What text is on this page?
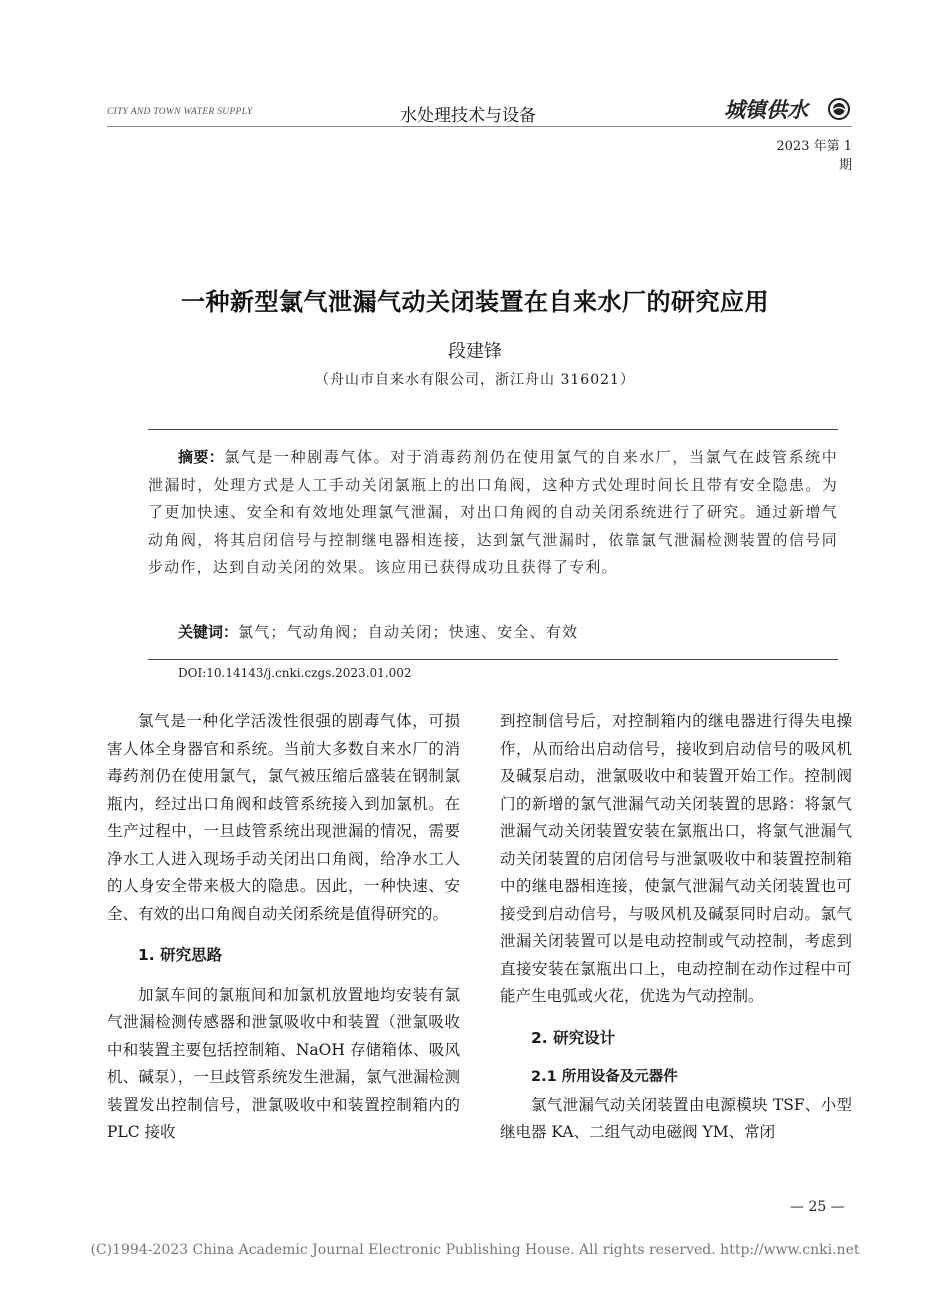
CITY AND TOWN WATER SUPPLY	水处理技术与设备	城镇供水
2023 年第 1 期
一种新型氯气泄漏气动关闭装置在自来水厂的研究应用
段建锋
（舟山市自来水有限公司，浙江舟山 316021）
摘要：氯气是一种剧毒气体。对于消毒药剂仍在使用氯气的自来水厂，当氯气在歧管系统中泄漏时，处理方式是人工手动关闭氯瓶上的出口角阀，这种方式处理时间长且带有安全隐患。为了更加快速、安全和有效地处理氯气泄漏，对出口角阀的自动关闭系统进行了研究。通过新增气动角阀，将其启闭信号与控制继电器相连接，达到氯气泄漏时，依靠氯气泄漏检测装置的信号同步动作，达到自动关闭的效果。该应用已获得成功且获得了专利。
关键词：氯气；气动角阀；自动关闭；快速、安全、有效
DOI:10.14143/j.cnki.czgs.2023.01.002

氯气是一种化学活泼性很强的剧毒气体，可损害人体全身器官和系统。当前大多数自来水厂的消毒药剂仍在使用氯气，氯气被压缩后盛装在钢制氯瓶内，经过出口角阀和歧管系统接入到加氯机。在生产过程中，一旦歧管系统出现泄漏的情况，需要净水工人进入现场手动关闭出口角阀，给净水工人的人身安全带来极大的隐患。因此，一种快速、安全、有效的出口角阀自动关闭系统是值得研究的。

1. 研究思路

加氯车间的氯瓶间和加氯机放置地均安装有氯气泄漏检测传感器和泄氯吸收中和装置（泄氯吸收中和装置主要包括控制箱、NaOH 存储箱体、吸风机、碱泵），一旦歧管系统发生泄漏，氯气泄漏检测装置发出控制信号，泄氯吸收中和装置控制箱内的 PLC 接收

到控制信号后，对控制箱内的继电器进行得失电操作，从而给出启动信号，接收到启动信号的吸风机及碱泵启动，泄氯吸收中和装置开始工作。控制阀门的新增的氯气泄漏气动关闭装置的思路：将氯气泄漏气动关闭装置安装在氯瓶出口，将氯气泄漏气动关闭装置的启闭信号与泄氯吸收中和装置控制箱中的继电器相连接，使氯气泄漏气动关闭装置也可接受到启动信号，与吸风机及碱泵同时启动。氯气泄漏关闭装置可以是电动控制或气动控制，考虑到直接安装在氯瓶出口上，电动控制在动作过程中可能产生电弧或火花，优选为气动控制。

2. 研究设计
2.1 所用设备及元器件

氯气泄漏气动关闭装置由电源模块 TSF、小型继电器 KA、二组气动电磁阀 YM、常闭

— 25 —
(C)1994-2023 China Academic Journal Electronic Publishing House. All rights reserved. http://www.cnki.net
